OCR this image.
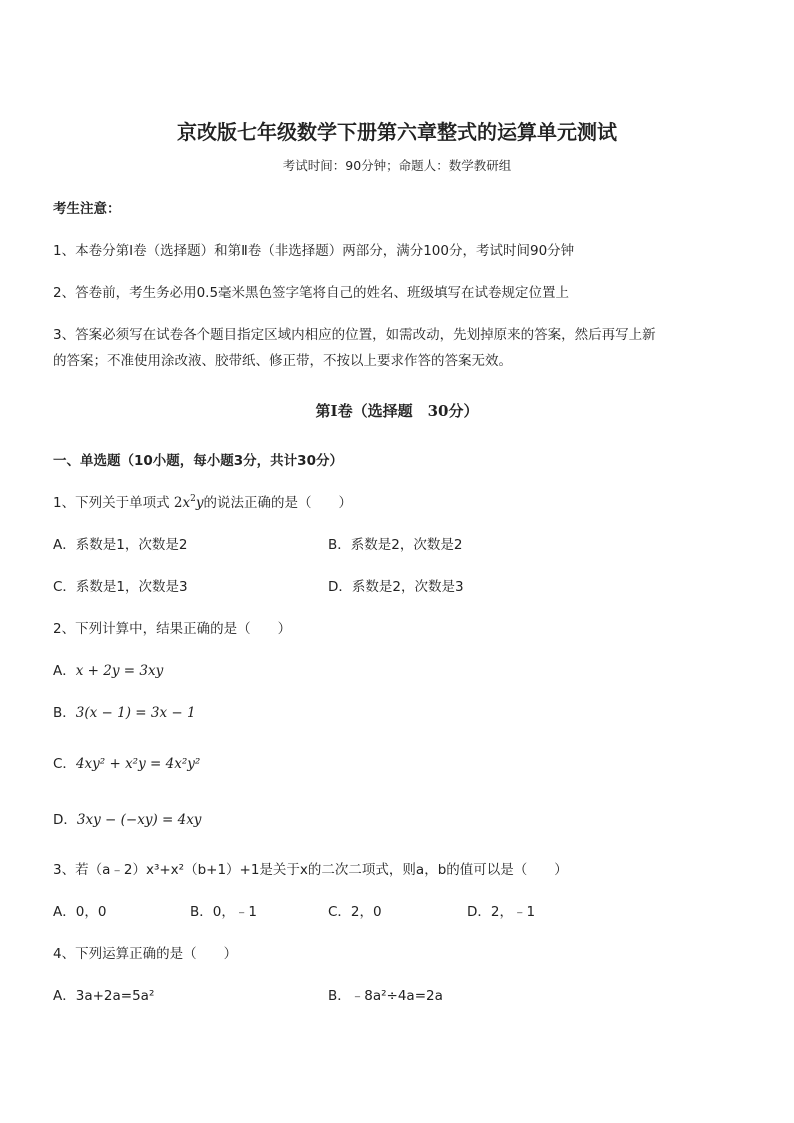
京改版七年级数学下册第六章整式的运算单元测试
考试时间：90分钟；命题人：数学教研组
考生注意：
1、本卷分第Ⅰ卷（选择题）和第Ⅱ卷（非选择题）两部分，满分100分，考试时间90分钟
2、答卷前，考生务必用0.5毫米黑色签字笔将自己的姓名、班级填写在试卷规定位置上
3、答案必须写在试卷各个题目指定区域内相应的位置，如需改动，先划掉原来的答案，然后再写上新
的答案；不准使用涂改液、胶带纸、修正带，不按以上要求作答的答案无效。
第Ⅰ卷（选择题　30分）
一、单选题（10小题，每小题3分，共计30分）
1、下列关于单项式 $2x^2y$的说法正确的是（　　）
A．系数是1，次数是2	B．系数是2，次数是2
C．系数是1，次数是3	D．系数是2，次数是3
2、下列计算中，结果正确的是（　　）
A．x + 2y = 3xy
B．3(x − 1) = 3x − 1
C．4xy² + x²y = 4x²y²
D．3xy − (−xy) = 4xy
3、若（a﹣2）x³+x²（b+1）+1是关于x的二次二项式，则a，b的值可以是（　　）
A．0，0	B．0，﹣1	C．2，0	D．2，﹣1
4、下列运算正确的是（　　）
A．3a+2a=5a²	B．﹣8a²÷4a=2a
